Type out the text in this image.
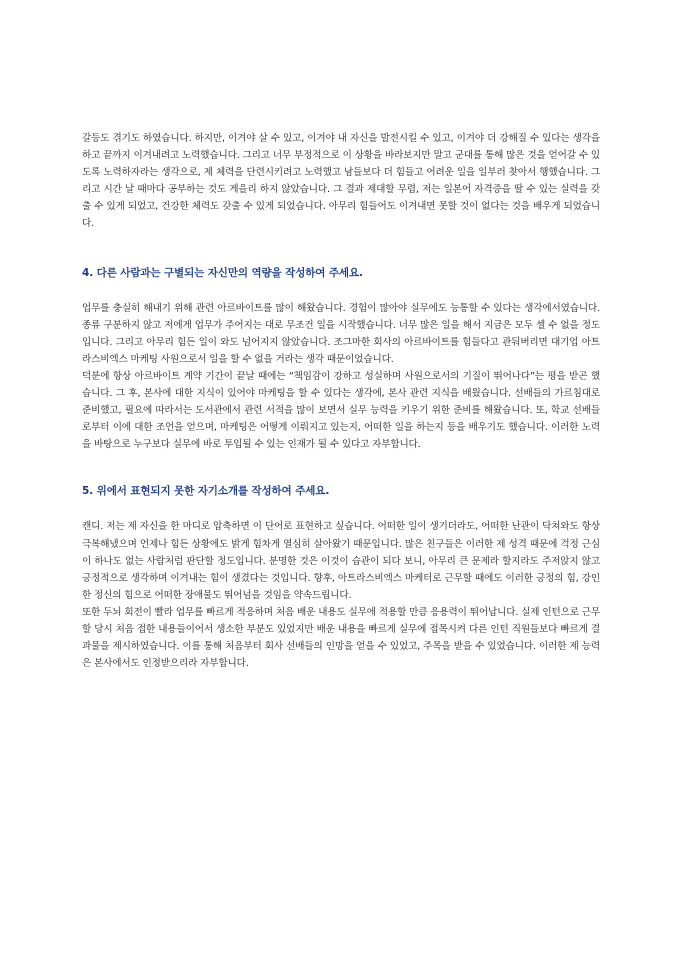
갈등도 겪기도 하였습니다. 하지만, 이겨야 살 수 있고, 이겨야 내 자신을 발전시킬 수 있고, 이겨야 더 강해질 수 있다는 생각을 하고 끝까지 이겨내려고 노력했습니다. 그리고 너무 부정적으로 이 상황을 바라보지만 말고 군대를 통해 많은 것을 얻어갈 수 있도록 노력하자라는 생각으로, 제 체력을 단련시키려고 노력했고 남들보다 더 힘들고 어려운 일을 일부러 찾아서 행했습니다. 그리고 시간 날 때마다 공부하는 것도 게을리 하지 않았습니다. 그 결과 제대할 무렵, 저는 일본어 자격증을 딸 수 있는 실력을 갖출 수 있게 되었고, 건강한 체력도 갖출 수 있게 되었습니다. 아무리 힘들어도 이겨내면 못할 것이 없다는 것을 배우게 되었습니다.

4. 다른 사람과는 구별되는 자신만의 역량을 작성하여 주세요.

업무를 충실히 해내기 위해 관련 아르바이트를 많이 해왔습니다. 경험이 많아야 실무에도 능통할 수 있다는 생각에서였습니다. 종류 구분하지 않고 저에게 업무가 주어지는 대로 무조건 일을 시작했습니다. 너무 많은 일을 해서 지금은 모두 셀 수 없을 정도입니다. 그리고 아무리 힘든 일이 와도 넘어지지 않았습니다. 조그마한 회사의 아르바이트를 힘들다고 관둬버리면 대기업 아트라스비엑스 마케팅 사원으로서 일을 할 수 없을 거라는 생각 때문이었습니다.

덕분에 항상 아르바이트 계약 기간이 끝날 때에는 “책임감이 강하고 성실하며 사원으로서의 기질이 뛰어나다”는 평을 받곤 했습니다. 그 후, 본사에 대한 지식이 있어야 마케팅을 할 수 있다는 생각에, 본사 관련 지식을 배웠습니다. 선배들의 가르침대로 준비했고, 필요에 따라서는 도서관에서 관련 서적을 많이 보면서 실무 능력을 키우기 위한 준비를 해왔습니다. 또, 학교 선배들로부터 이에 대한 조언을 얻으며, 마케팅은 어떻게 이뤄지고 있는지, 어떠한 일을 하는지 등을 배우기도 했습니다. 이러한 노력을 바탕으로 누구보다 실무에 바로 투입될 수 있는 인재가 될 수 있다고 자부합니다.

5. 위에서 표현되지 못한 자기소개를 작성하여 주세요.

캔디. 저는 제 자신을 한 마디로 압축하면 이 단어로 표현하고 싶습니다. 어떠한 일이 생기더라도, 어떠한 난관이 닥쳐와도 항상 극복해냈으며 언제나 힘든 상황에도 밝게 힘차게 열심히 살아왔기 때문입니다. 많은 친구들은 이러한 제 성격 때문에 걱정 근심이 하나도 없는 사람처럼 판단할 정도입니다. 분명한 것은 이것이 습관이 되다 보니, 아무리 큰 문제라 할지라도 주저앉지 않고 긍정적으로 생각하며 이겨내는 힘이 생겼다는 것입니다. 향후, 아트라스비엑스 마케터로 근무할 때에도 이러한 긍정의 힘, 강인한 정신의 힘으로 어떠한 장애물도 뛰어넘을 것임을 약속드립니다.

또한 두뇌 회전이 빨라 업무를 빠르게 적응하며 처음 배운 내용도 실무에 적용할 만큼 응용력이 뛰어납니다. 실제 인턴으로 근무할 당시 처음 접한 내용들이어서 생소한 부분도 있었지만 배운 내용을 빠르게 실무에 접목시켜 다른 인턴 직원들보다 빠르게 결과물을 제시하였습니다. 이를 통해 처음부터 회사 선배들의 인망을 얻을 수 있었고, 주목을 받을 수 있었습니다. 이러한 제 능력은 본사에서도 인정받으리라 자부합니다.
